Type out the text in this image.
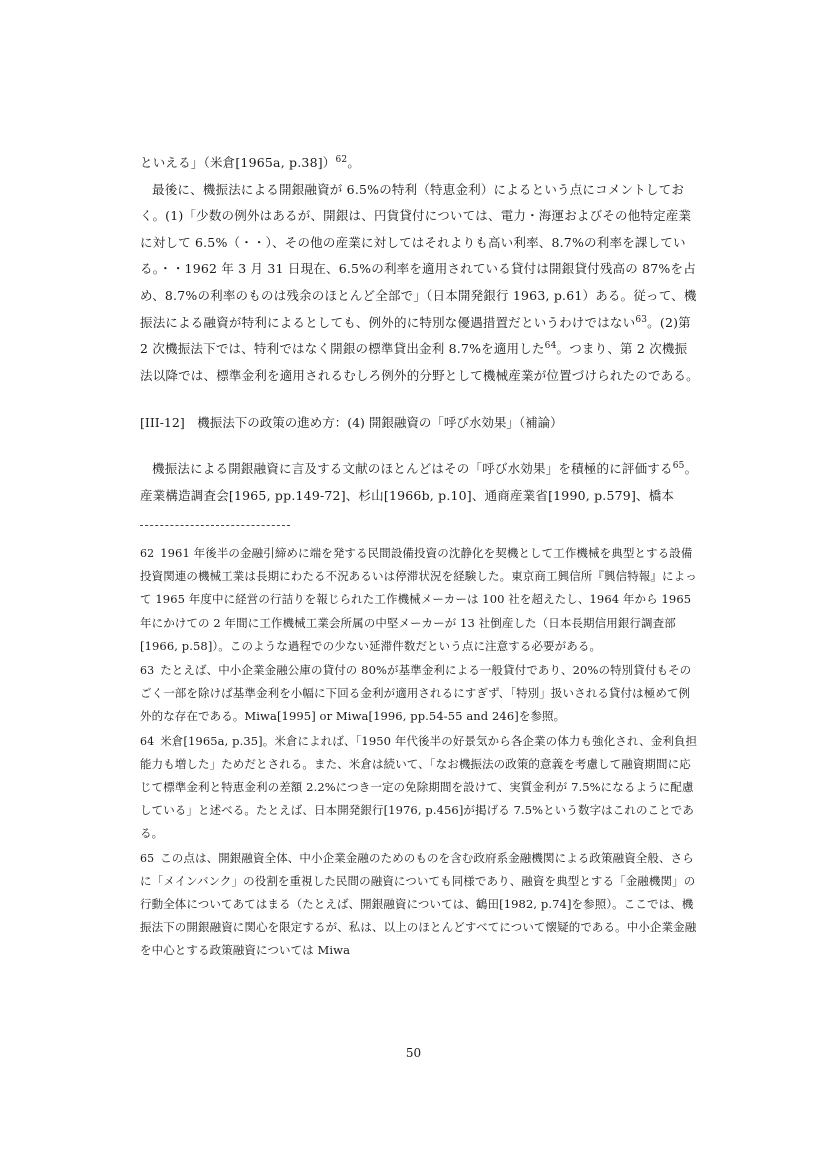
といえる」（米倉[1965a, p.38]）$^{62}$。

最後に、機振法による開銀融資が 6.5%の特利（特恵金利）によるという点にコメントしておく。(1)「少数の例外はあるが、開銀は、円貨貸付については、電力・海運およびその他特定産業に対して 6.5%（・・）、その他の産業に対してはそれよりも高い利率、8.7%の利率を課している。・・1962 年 3 月 31 日現在、6.5%の利率を適用されている貸付は開銀貸付残高の 87%を占め、8.7%の利率のものは残余のほとんど全部で」（日本開発銀行 1963, p.61）ある。従って、機振法による融資が特利によるとしても、例外的に特別な優遇措置だというわけではない$^{63}$。(2)第 2 次機振法下では、特利ではなく開銀の標準貸出金利 8.7%を適用した$^{64}$。つまり、第 2 次機振法以降では、標準金利を適用されるむしろ例外的分野として機械産業が位置づけられたのである。

[III-12]　機振法下の政策の進め方：(4) 開銀融資の「呼び水効果」（補論）

機振法による開銀融資に言及する文献のほとんどはその「呼び水効果」を積極的に評価する$^{65}$。産業構造調査会[1965, pp.149-72]、杉山[1966b, p.10]、通商産業省[1990, p.579]、橋本

62 1961 年後半の金融引締めに端を発する民間設備投資の沈静化を契機として工作機械を典型とする設備投資関連の機械工業は長期にわたる不況あるいは停滞状況を経験した。東京商工興信所『興信特報』によって 1965 年度中に経営の行詰りを報じられた工作機械メーカーは 100 社を超えたし、1964 年から 1965 年にかけての 2 年間に工作機械工業会所属の中堅メーカーが 13 社倒産した（日本長期信用銀行調査部[1966, p.58]）。このような過程での少ない延滞件数だという点に注意する必要がある。

63 たとえば、中小企業金融公庫の貸付の 80%が基準金利による一般貸付であり、20%の特別貸付もそのごく一部を除けば基準金利を小幅に下回る金利が適用されるにすぎず、「特別」扱いされる貸付は極めて例外的な存在である。Miwa[1995] or Miwa[1996, pp.54-55 and 246]を参照。

64 米倉[1965a, p.35]。米倉によれば、「1950 年代後半の好景気から各企業の体力も強化され、金利負担能力も増した」ためだとされる。また、米倉は続いて、「なお機振法の政策的意義を考慮して融資期間に応じて標準金利と特恵金利の差額 2.2%につき一定の免除期間を設けて、実質金利が 7.5%になるように配慮している」と述べる。たとえば、日本開発銀行[1976, p.456]が掲げる 7.5%という数字はこれのことである。

65 この点は、開銀融資全体、中小企業金融のためのものを含む政府系金融機関による政策融資全般、さらに「メインバンク」の役割を重視した民間の融資についても同様であり、融資を典型とする「金融機関」の行動全体についてあてはまる（たとえば、開銀融資については、鶴田[1982, p.74]を参照）。ここでは、機振法下の開銀融資に関心を限定するが、私は、以上のほとんどすべてについて懐疑的である。中小企業金融を中心とする政策融資については Miwa

50
